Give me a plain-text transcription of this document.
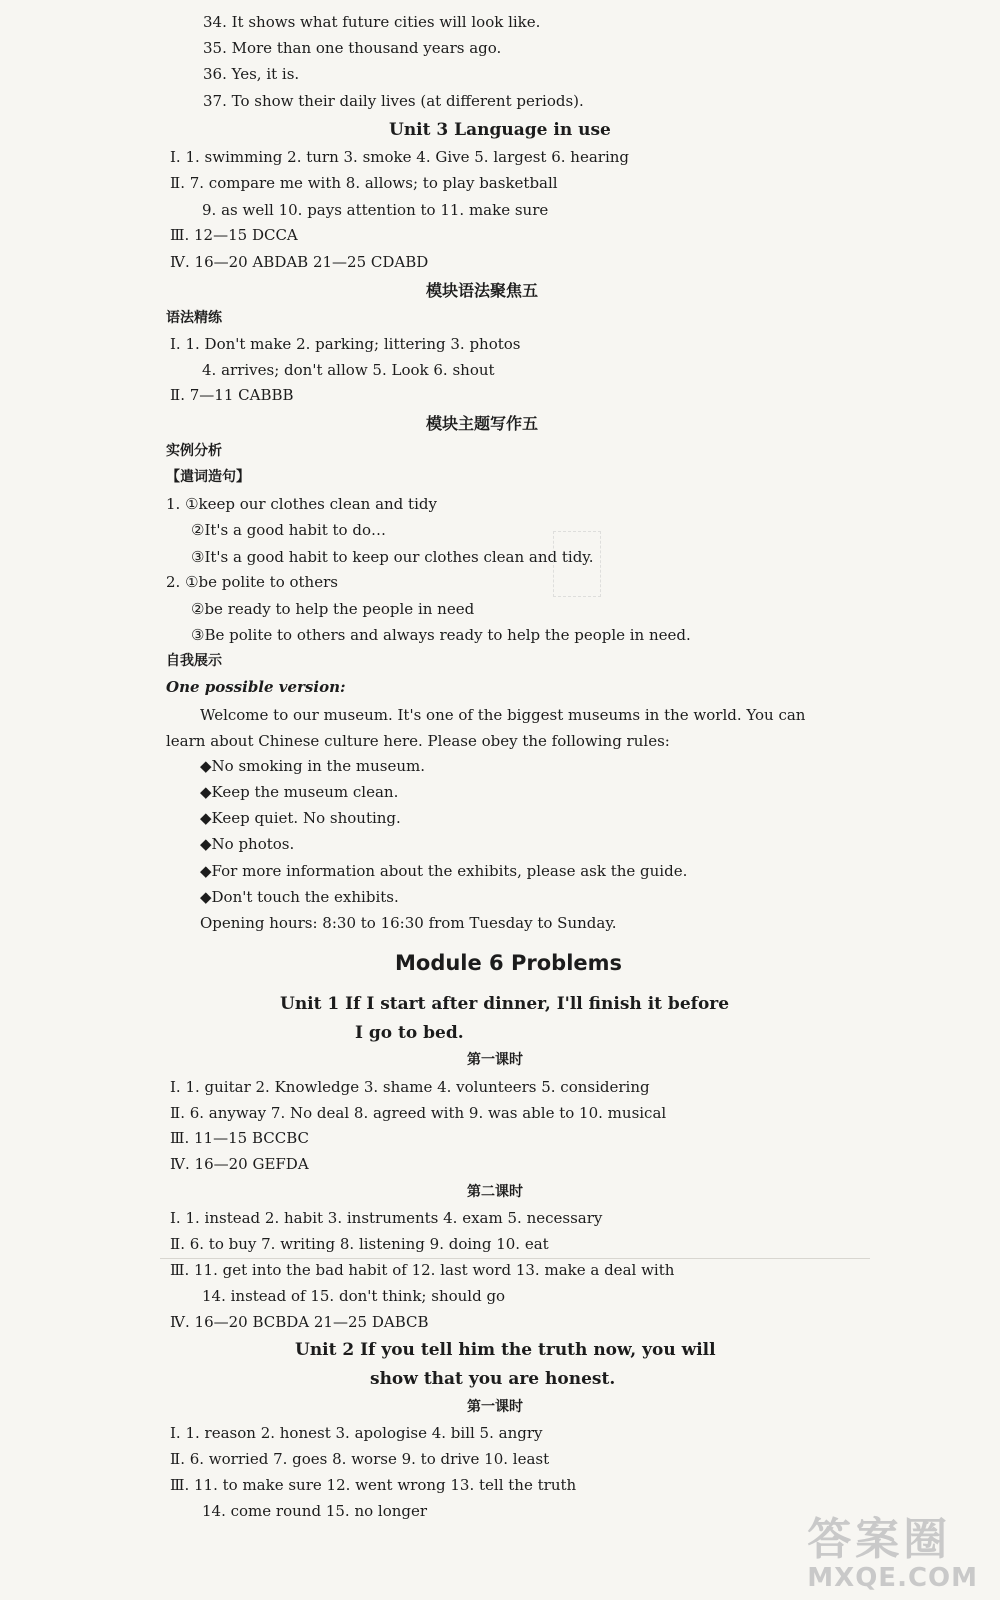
34. It shows what future cities will look like.
35. More than one thousand years ago.
36. Yes, it is.
37. To show their daily lives (at different periods).
Unit 3 Language in use
Ⅰ. 1. swimming 2. turn 3. smoke 4. Give 5. largest 6. hearing
Ⅱ. 7. compare me with 8. allows; to play basketball
9. as well 10. pays attention to 11. make sure
Ⅲ. 12—15 DCCA
Ⅳ. 16—20 ABDAB 21—25 CDABD
模块语法聚焦五
语法精练
Ⅰ. 1. Don't make 2. parking; littering 3. photos
4. arrives; don't allow 5. Look 6. shout
Ⅱ. 7—11 CABBB
模块主题写作五
实例分析
【遣词造句】
1. ①keep our clothes clean and tidy
②It's a good habit to do…
③It's a good habit to keep our clothes clean and tidy.
2. ①be polite to others
②be ready to help the people in need
③Be polite to others and always ready to help the people in need.
自我展示
One possible version:
Welcome to our museum. It's one of the biggest museums in the world. You can
learn about Chinese culture here. Please obey the following rules:
◆No smoking in the museum.
◆Keep the museum clean.
◆Keep quiet. No shouting.
◆No photos.
◆For more information about the exhibits, please ask the guide.
◆Don't touch the exhibits.
Opening hours: 8:30 to 16:30 from Tuesday to Sunday.
Module 6 Problems
Unit 1 If I start after dinner, I'll finish it before
I go to bed.
第一课时
Ⅰ. 1. guitar 2. Knowledge 3. shame 4. volunteers 5. considering
Ⅱ. 6. anyway 7. No deal 8. agreed with 9. was able to 10. musical
Ⅲ. 11—15 BCCBC
Ⅳ. 16—20 GEFDA
第二课时
Ⅰ. 1. instead 2. habit 3. instruments 4. exam 5. necessary
Ⅱ. 6. to buy 7. writing 8. listening 9. doing 10. eat
Ⅲ. 11. get into the bad habit of 12. last word 13. make a deal with
14. instead of 15. don't think; should go
Ⅳ. 16—20 BCBDA 21—25 DABCB
Unit 2 If you tell him the truth now, you will
show that you are honest.
第一课时
Ⅰ. 1. reason 2. honest 3. apologise 4. bill 5. angry
Ⅱ. 6. worried 7. goes 8. worse 9. to drive 10. least
Ⅲ. 11. to make sure 12. went wrong 13. tell the truth
14. come round 15. no longer
答案圈
MXQE.COM
